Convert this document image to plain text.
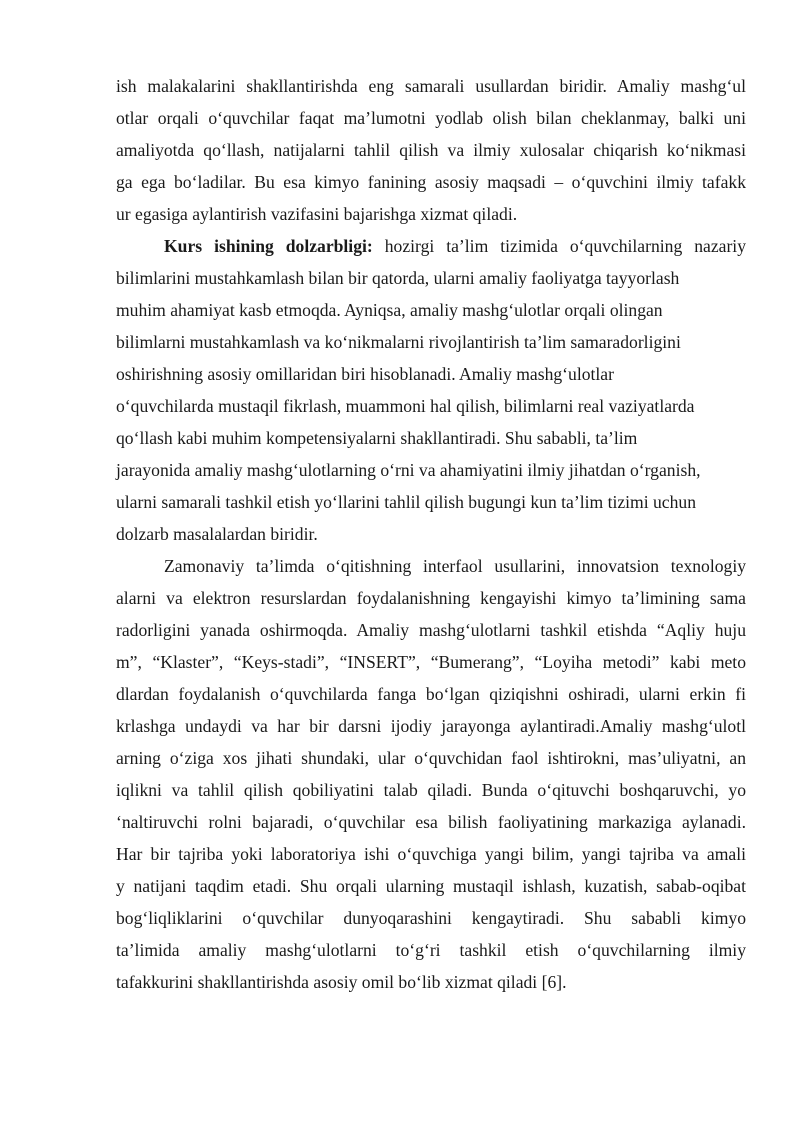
ish malakalarini shakllantirishda eng samarali usullardan biridir. Amaliy mashg‘ul
otlar orqali o‘quvchilar faqat ma’lumotni yodlab olish bilan cheklanmay, balki uni
amaliyotda qo‘llash, natijalarni tahlil qilish va ilmiy xulosalar chiqarish ko‘nikmasi
ga ega bo‘ladilar. Bu esa kimyo fanining asosiy maqsadi – o‘quvchini ilmiy tafakk
ur egasiga aylantirish vazifasini bajarishga xizmat qiladi.
Kurs ishining dolzarbligi: hozirgi ta’lim tizimida o‘quvchilarning nazariy
bilimlarini mustahkamlash bilan bir qatorda, ularni amaliy faoliyatga tayyorlash
muhim ahamiyat kasb etmoqda. Ayniqsa, amaliy mashg‘ulotlar orqali olingan
bilimlarni mustahkamlash va ko‘nikmalarni rivojlantirish ta’lim samaradorligini
oshirishning asosiy omillaridan biri hisoblanadi. Amaliy mashg‘ulotlar
o‘quvchilarda mustaqil fikrlash, muammoni hal qilish, bilimlarni real vaziyatlarda
qo‘llash kabi muhim kompetensiyalarni shakllantiradi. Shu sababli, ta’lim
jarayonida amaliy mashg‘ulotlarning o‘rni va ahamiyatini ilmiy jihatdan o‘rganish,
ularni samarali tashkil etish yo‘llarini tahlil qilish bugungi kun ta’lim tizimi uchun
dolzarb masalalardan biridir.
Zamonaviy ta’limda o‘qitishning interfaol usullarini, innovatsion texnologiy
alarni va elektron resurslardan foydalanishning kengayishi kimyo ta’limining sama
radorligini yanada oshirmoqda. Amaliy mashg‘ulotlarni tashkil etishda “Aqliy huju
m”, “Klaster”, “Keys-stadi”, “INSERT”, “Bumerang”, “Loyiha metodi” kabi meto
dlardan foydalanish o‘quvchilarda fanga bo‘lgan qiziqishni oshiradi, ularni erkin fi
krlashga undaydi va har bir darsni ijodiy jarayonga aylantiradi.Amaliy mashg‘ulotl
arning o‘ziga xos jihati shundaki, ular o‘quvchidan faol ishtirokni, mas’uliyatni, an
iqlikni va tahlil qilish qobiliyatini talab qiladi. Bunda o‘qituvchi boshqaruvchi, yo
‘naltiruvchi rolni bajaradi, o‘quvchilar esa bilish faoliyatining markaziga aylanadi.
Har bir tajriba yoki laboratoriya ishi o‘quvchiga yangi bilim, yangi tajriba va amali
y natijani taqdim etadi. Shu orqali ularning mustaqil ishlash, kuzatish, sabab-oqibat
bog‘liqliklarini o‘quvchilar dunyoqarashini kengaytiradi. Shu sababli kimyo
ta’limida amaliy mashg‘ulotlarni to‘g‘ri tashkil etish o‘quvchilarning ilmiy
tafakkurini shakllantirishda asosiy omil bo‘lib xizmat qiladi [6].
